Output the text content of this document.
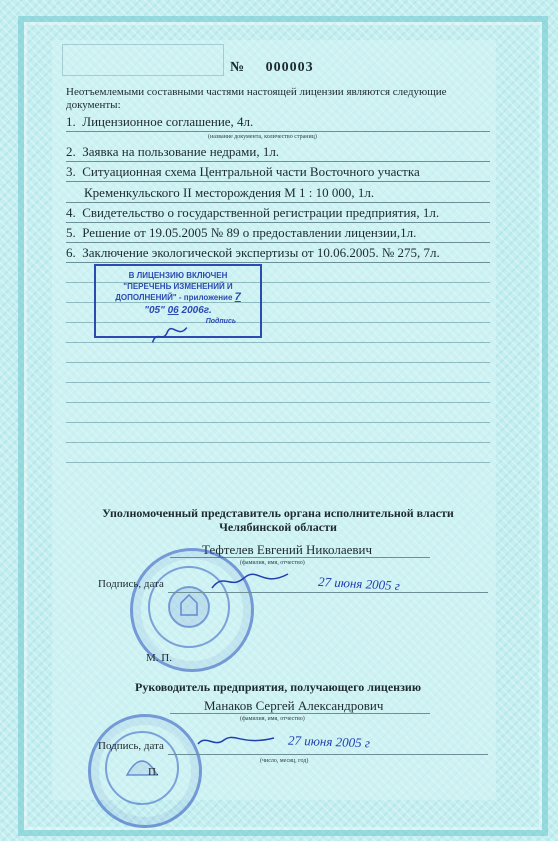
№ 000003
Неотъемлемыми составными частями настоящей лицензии являются следующие документы:
1. Лицензионное соглашение, 4л.
(название документа, количество страниц)
2. Заявка на пользование недрами, 1л.
3. Ситуационная схема Центральной части Восточного участка
Кременкульского II месторождения М 1 : 10 000, 1л.
4. Свидетельство о государственной регистрации предприятия, 1л.
5. Решение от 19.05.2005 № 89 о предоставлении лицензии,1л.
6. Заключение экологической экспертизы от 10.06.2005. № 275, 7л.
В ЛИЦЕНЗИЮ ВКЛЮЧЕН
"ПЕРЕЧЕНЬ ИЗМЕНЕНИЙ И
ДОПОЛНЕНИЙ" - приложение 7
"05" 06 2006г.
Подпись
Уполномоченный представитель органа исполнительной власти
Челябинской области
Тефтелев Евгений Николаевич
(фамилия, имя, отчество)
Подпись, дата	27 июня 2005 г
М. П.
Руководитель предприятия, получающего лицензию
Манаков Сергей Александрович
(фамилия, имя, отчество)
Подпись, дата	27 июня 2005 г
(число, месяц, год)
П.
